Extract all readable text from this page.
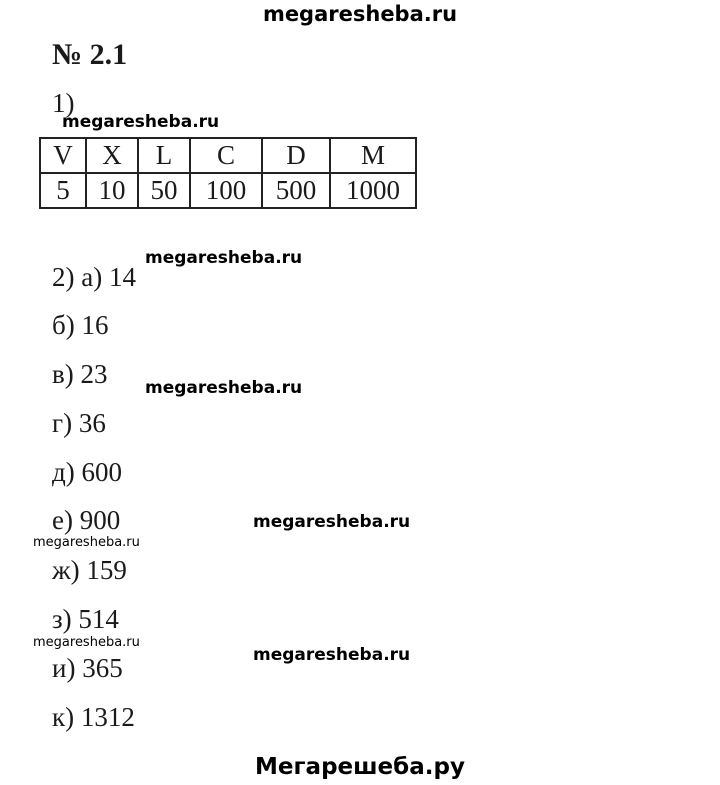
megaresheba.ru
№ 2.1
1)
megaresheba.ru
V	X	L	C	D	M
5	10	50	100	500	1000
2) а) 14
megaresheba.ru
б) 16
в) 23 megaresheba.ru
г) 36
д) 600
е) 900	megaresheba.ru
megaresheba.ru
ж) 159
з) 514
megaresheba.ru
megaresheba.ru
и) 365
к) 1312
Мегарешеба.ру
